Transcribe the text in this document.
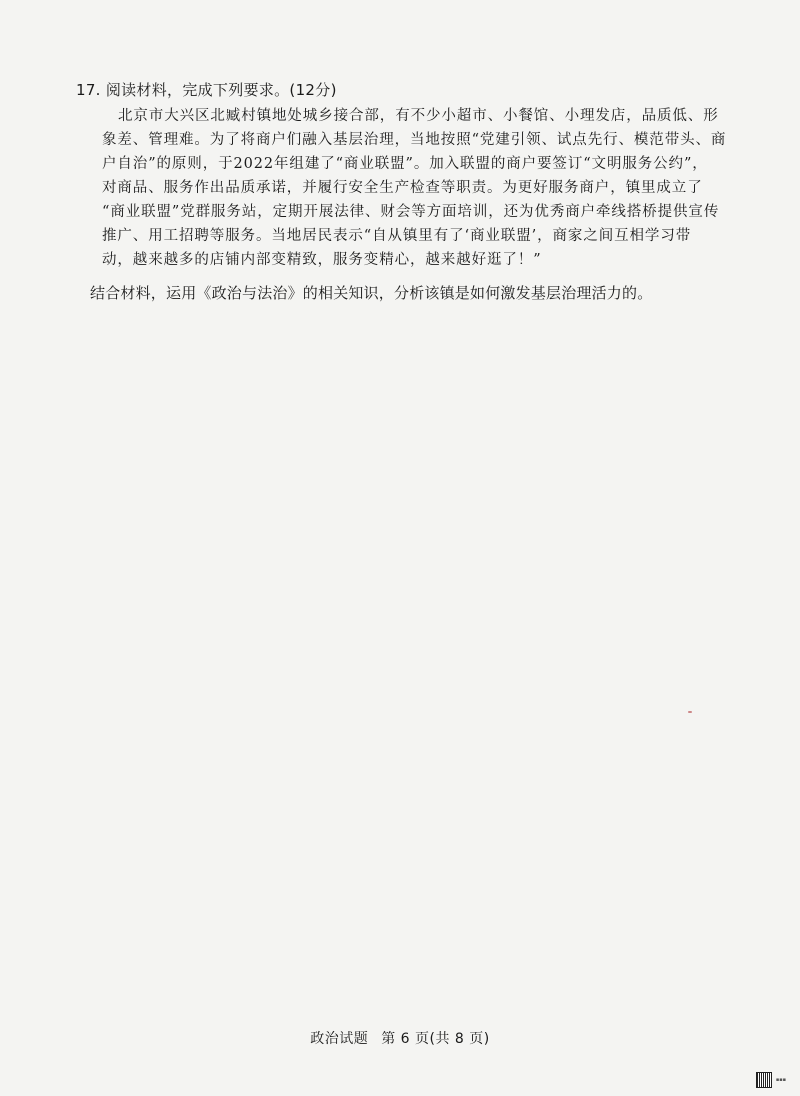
17. 阅读材料，完成下列要求。(12分)
北京市大兴区北臧村镇地处城乡接合部，有不少小超市、小餐馆、小理发店，品质低、形
象差、管理难。为了将商户们融入基层治理，当地按照“党建引领、试点先行、模范带头、商
户自治”的原则，于2022年组建了“商业联盟”。加入联盟的商户要签订“文明服务公约”，
对商品、服务作出品质承诺，并履行安全生产检查等职责。为更好服务商户，镇里成立了
“商业联盟”党群服务站，定期开展法律、财会等方面培训，还为优秀商户牵线搭桥提供宣传
推广、用工招聘等服务。当地居民表示“自从镇里有了‘商业联盟’，商家之间互相学习带
动，越来越多的店铺内部变精致，服务变精心，越来越好逛了！”
结合材料，运用《政治与法治》的相关知识，分析该镇是如何激发基层治理活力的。
政治试题 第 6 页(共 8 页)
▪▪▪
